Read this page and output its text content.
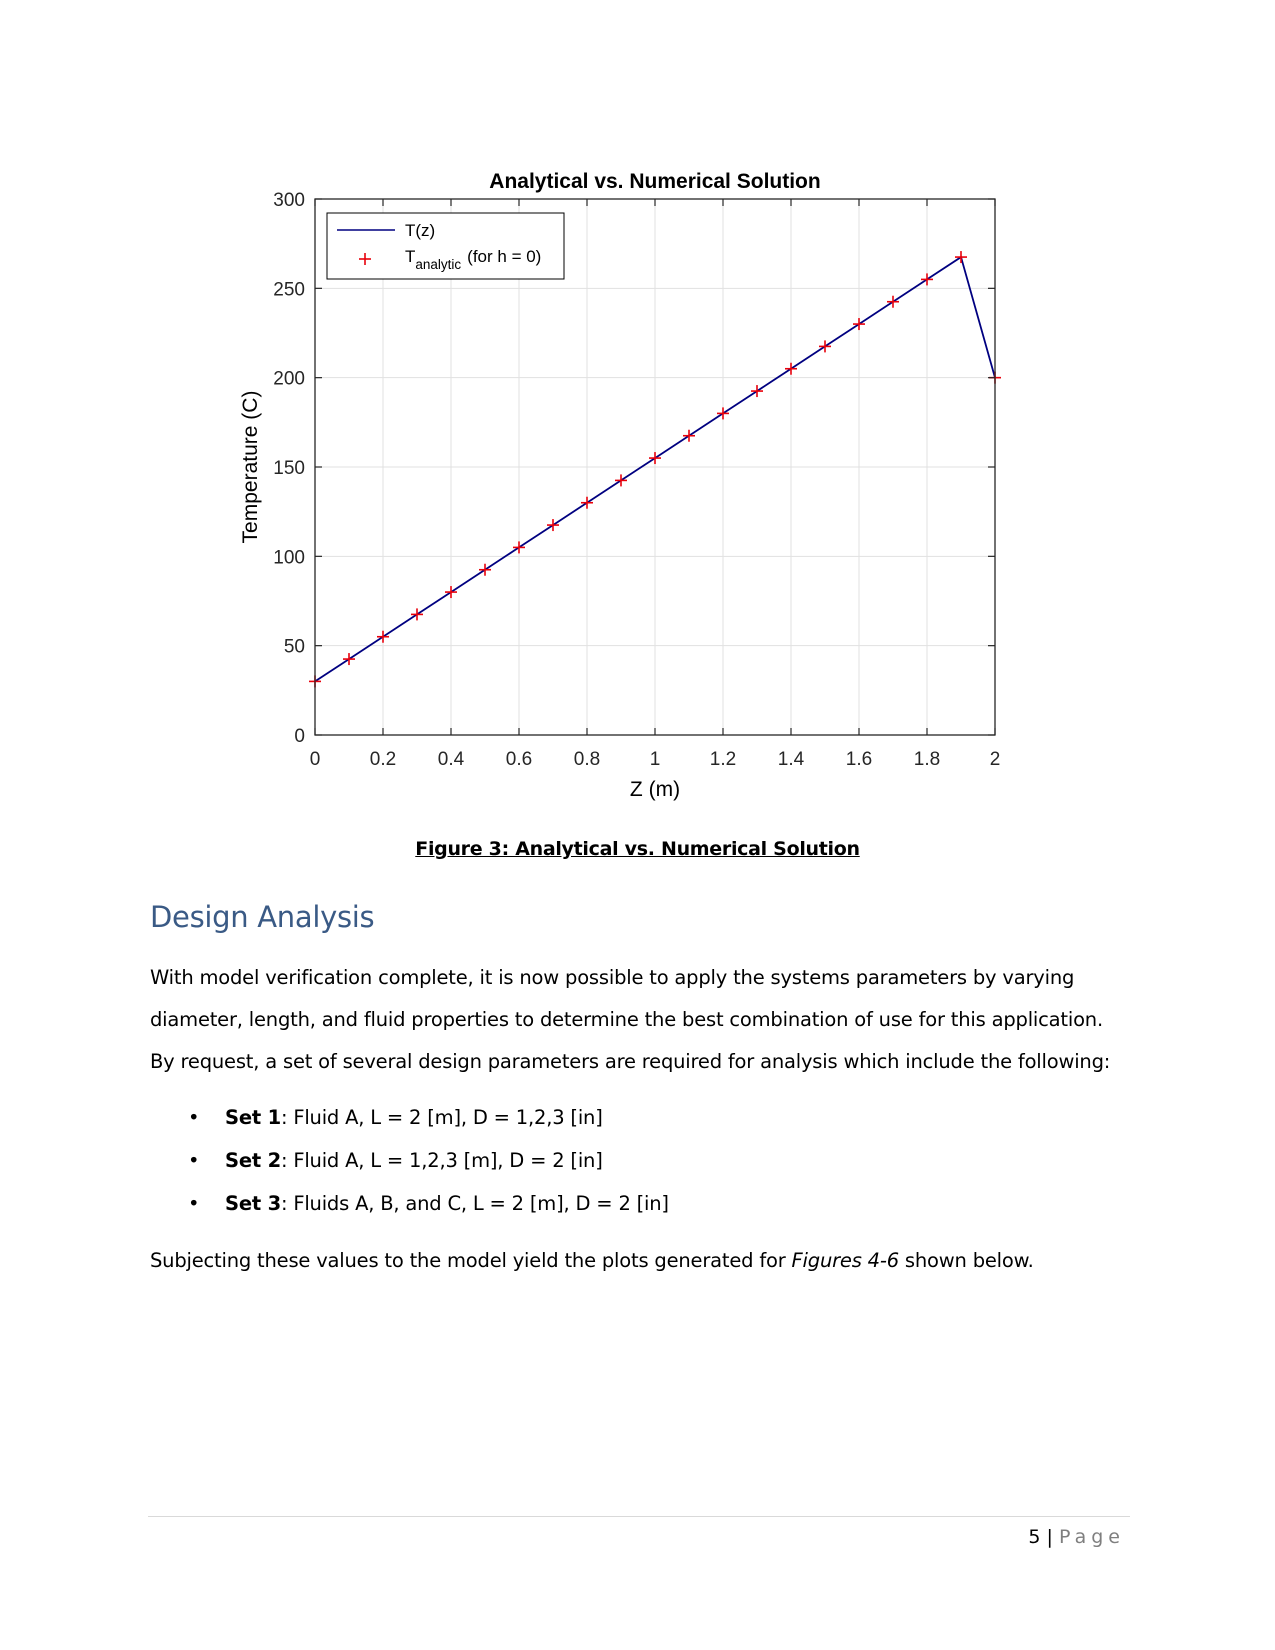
0	0.2 0.4 0.6 0.8	1	1.2 1.4 1.6 1.8	2
0
50
100
150
200
250
300
Analytical vs. Numerical Solution
Z (m)
Temperature (C)
T(z)
$T_{analytic}$ (for h = 0)
Figure 3: Analytical vs. Numerical Solution
Design Analysis
With model verification complete, it is now possible to apply the systems parameters by varying diameter, length, and fluid properties to determine the best combination of use for this application. By request, a set of several design parameters are required for analysis which include the following:
• Set 1: Fluid A, L = 2 [m], D = 1,2,3 [in]
• Set 2: Fluid A, L = 1,2,3 [m], D = 2 [in]
• Set 3: Fluids A, B, and C, L = 2 [m], D = 2 [in]
Subjecting these values to the model yield the plots generated for Figures 4-6 shown below.
5 | Page
